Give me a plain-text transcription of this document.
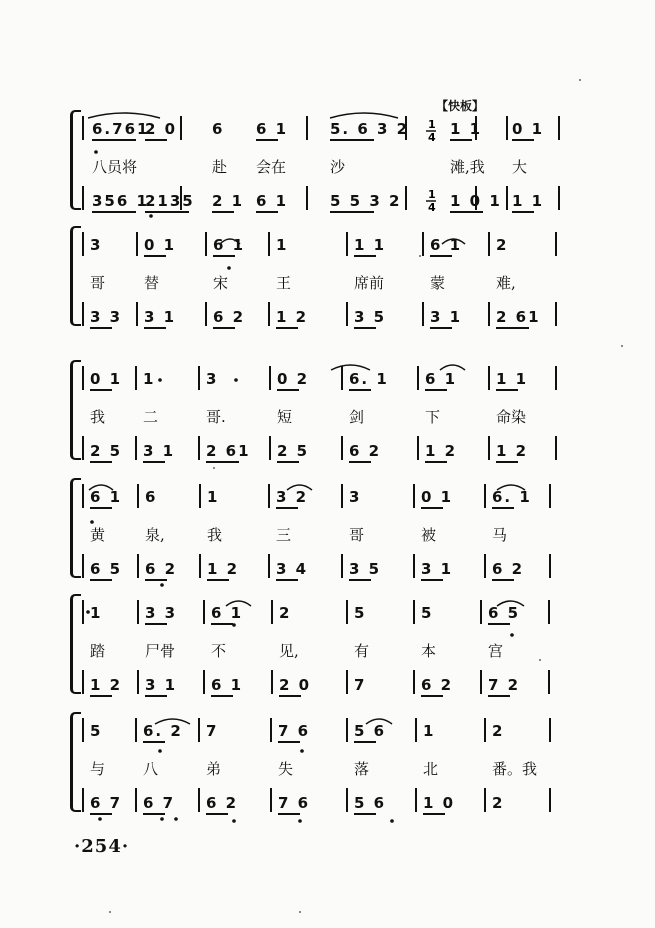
1
4
1
4
【快板】
6.761
八员将
356 1
2 0
2135
6
赴
2 1
6 1
会在
6 1
5. 6 3 2
沙
5 5 3 2
1 1
滩,我
1 0 1
0 1
大
1 1
3
哥
3 3
0 1
替
3 1
6 1
宋
6 2
1
王
1 2
1 1
席前
3 5
6 1
蒙
3 1
2
难,
2 61
0 1
我
2 5
1
二
3 1
3
哥.
2 61
0 2
短
2 5
6. 1
剑
6 2
6 1
下
1 2
1 1
命染
1 2
6 1
黄
6 5
6
泉,
6 2
1
我
1 2
3 2
三
3 4
3
哥
3 5
0 1
被
3 1
6. 1
马
6 2
1
踏
1 2
3 3
尸骨
3 1
6 1
不
6 1
2
见,
2 0
5
有
7
5
本
6 2
6 5
宫
7 2
5
与
6 7
6. 2
八
6 7
7
弟
6 2
7 6
失
7 6
5 6
落
5 6
1
北
1 0
2
番。我
2
·254·
